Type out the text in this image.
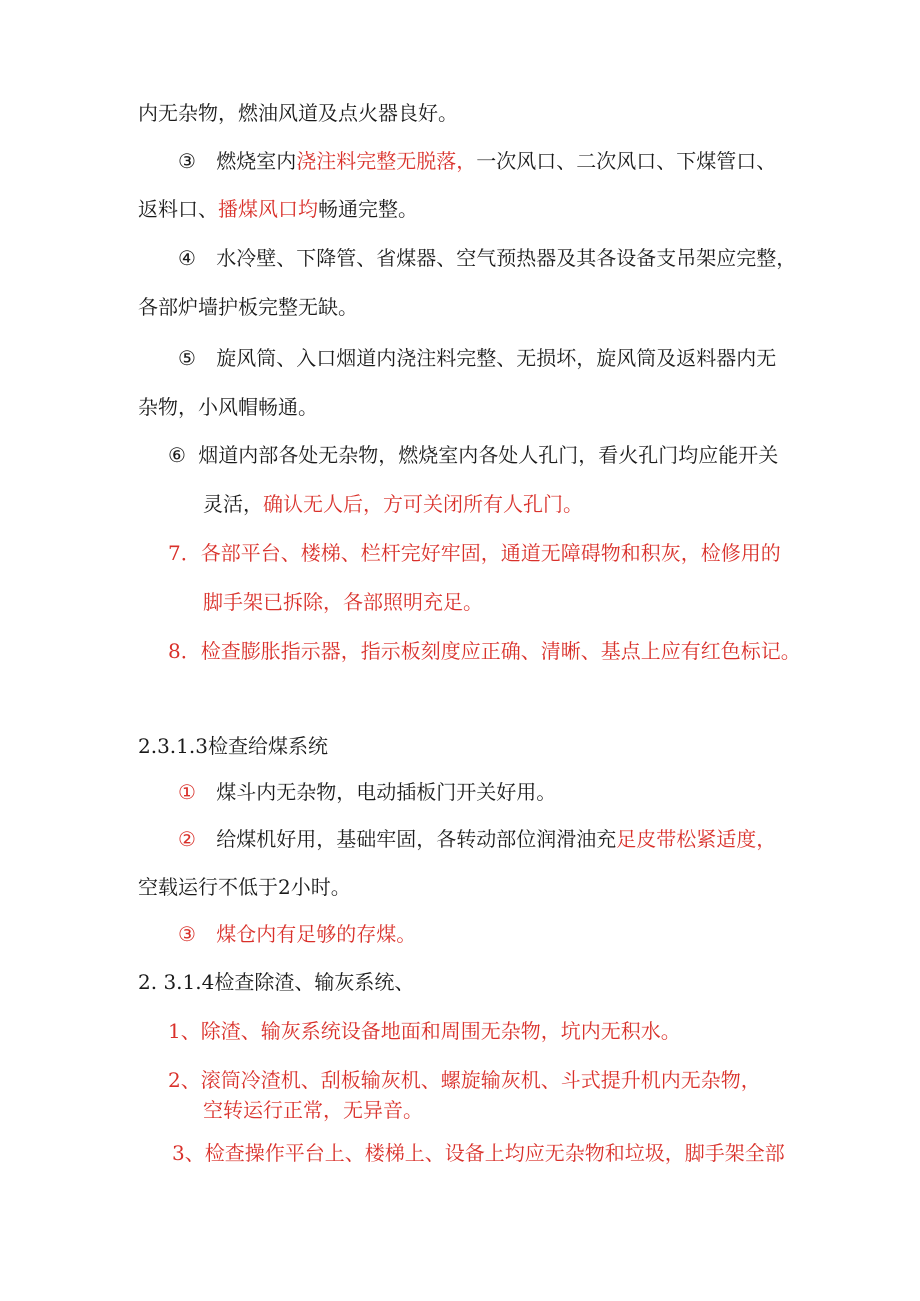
内无杂物，燃油风道及点火器良好。
③ 燃烧室内浇注料完整无脱落，一次风口、二次风口、下煤管口、
返料口、播煤风口均畅通完整。
④ 水冷壁、下降管、省煤器、空气预热器及其各设备支吊架应完整，
各部炉墙护板完整无缺。
⑤ 旋风筒、入口烟道内浇注料完整、无损坏，旋风筒及返料器内无
杂物，小风帽畅通。
⑥ 烟道内部各处无杂物，燃烧室内各处人孔门，看火孔门均应能开关
灵活，确认无人后，方可关闭所有人孔门。
7．各部平台、楼梯、栏杆完好牢固，通道无障碍物和积灰，检修用的
脚手架已拆除，各部照明充足。
8．检查膨胀指示器，指示板刻度应正确、清晰、基点上应有红色标记。
2.3.1.3检查给煤系统
① 煤斗内无杂物，电动插板门开关好用。
② 给煤机好用，基础牢固，各转动部位润滑油充足皮带松紧适度，
空载运行不低于2小时。
③ 煤仓内有足够的存煤。
2. 3.1.4检查除渣、输灰系统、
1、除渣、输灰系统设备地面和周围无杂物，坑内无积水。
2、滚筒冷渣机、刮板输灰机、螺旋输灰机、斗式提升机内无杂物，
空转运行正常，无异音。
3、检查操作平台上、楼梯上、设备上均应无杂物和垃圾，脚手架全部
